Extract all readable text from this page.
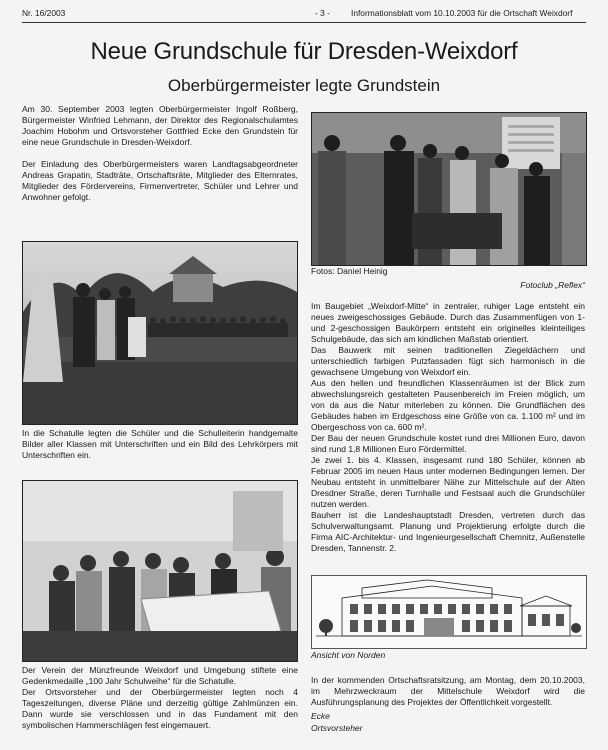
Nr. 16/2003	- 3 -	Informationsblatt vom 10.10.2003 für die Ortschaft Weixdorf
Neue Grundschule für Dresden-Weixdorf
Oberbürgermeister legte Grundstein

Am 30. September 2003 legten Oberbürgermeister Ingolf Roßberg, Bürgermeister Winfried Lehmann, der Direktor des Regionalschulamtes Joachim Hobohm und Ortsvorsteher Gottfried Ecke den Grundstein für eine neue Grundschule in Dresden-Weixdorf.

Der Einladung des Oberbürgermeisters waren Landtagsabgeordneter Andreas Grapatin, Stadträte, Ortschaftsräte, Mitglieder des Elternrates, Mitglieder des Fördervereins, Firmenvertreter, Schüler und Lehrer und Anwohner gefolgt.

In die Schatulle legten die Schüler und die Schulleiterin handgemalte Bilder aller Klassen mit Unterschriften und ein Bild des Lehrkörpers mit Unterschriften ein.

Der Verein der Münzfreunde Weixdorf und Umgebung stiftete eine Gedenkmedaille „100 Jahr Schulweihe“ für die Schatulle.

Der Ortsvorsteher und der Oberbürgermeister legten noch 4 Tageszeitungen, diverse Pläne und derzeitig gültige Zahlmünzen ein. Dann wurde sie verschlossen und in das Fundament mit den symbolischen Hammerschlägen fest eingemauert.

Fotos: Daniel Heinig
Fotoclub „Reflex“

Im Baugebiet „Weixdorf-Mitte“ in zentraler, ruhiger Lage entsteht ein neues zweigeschossiges Gebäude. Durch das Zusammenfügen von 1- und 2-geschossigen Baukörpern entsteht ein originelles kleinteiliges Schulgebäude, das sich am kindlichen Maßstab orientiert.

Das Bauwerk mit seinen traditionellen Ziegeldächern und unterschiedlich farbigen Putzfassaden fügt sich harmonisch in die gewachsene Umgebung von Weixdorf ein.

Aus den hellen und freundlichen Klassenräumen ist der Blick zum abwechslungsreich gestalteten Pausenbereich im Freien möglich, um von da aus die Natur miterleben zu können. Die Grundflächen des Gebäudes haben im Erdgeschoss eine Größe von ca. 1.100 m² und im Obergeschoss von ca. 600 m².

Der Bau der neuen Grundschule kostet rund drei Millionen Euro, davon sind rund 1,8 Millionen Euro Fördermittel.

Je zwei 1. bis 4. Klassen, insgesamt rund 180 Schüler, können ab Februar 2005 im neuen Haus unter modernen Bedingungen lernen. Der Neubau entsteht in unmittelbarer Nähe zur Mittelschule auf der Alten Dresdner Straße, deren Turnhalle und Festsaal auch die Grundschüler nutzen werden.

Bauherr ist die Landeshauptstadt Dresden, vertreten durch das Schulverwaltungsamt. Planung und Projektierung erfolgte durch die Firma AIC-Architektur- und Ingenieurgesellschaft Chemnitz, Außenstelle Dresden, Tannenstr. 2.

Ansicht von Norden
In der kommenden Ortschaftsratsitzung, am Montag, dem 20.10.2003, im Mehrzweckraum der Mittelschule Weixdorf wird die Ausführungsplanung des Projektes der Öffentlichkeit vorgestellt.
Ecke
Ortsvorsteher
